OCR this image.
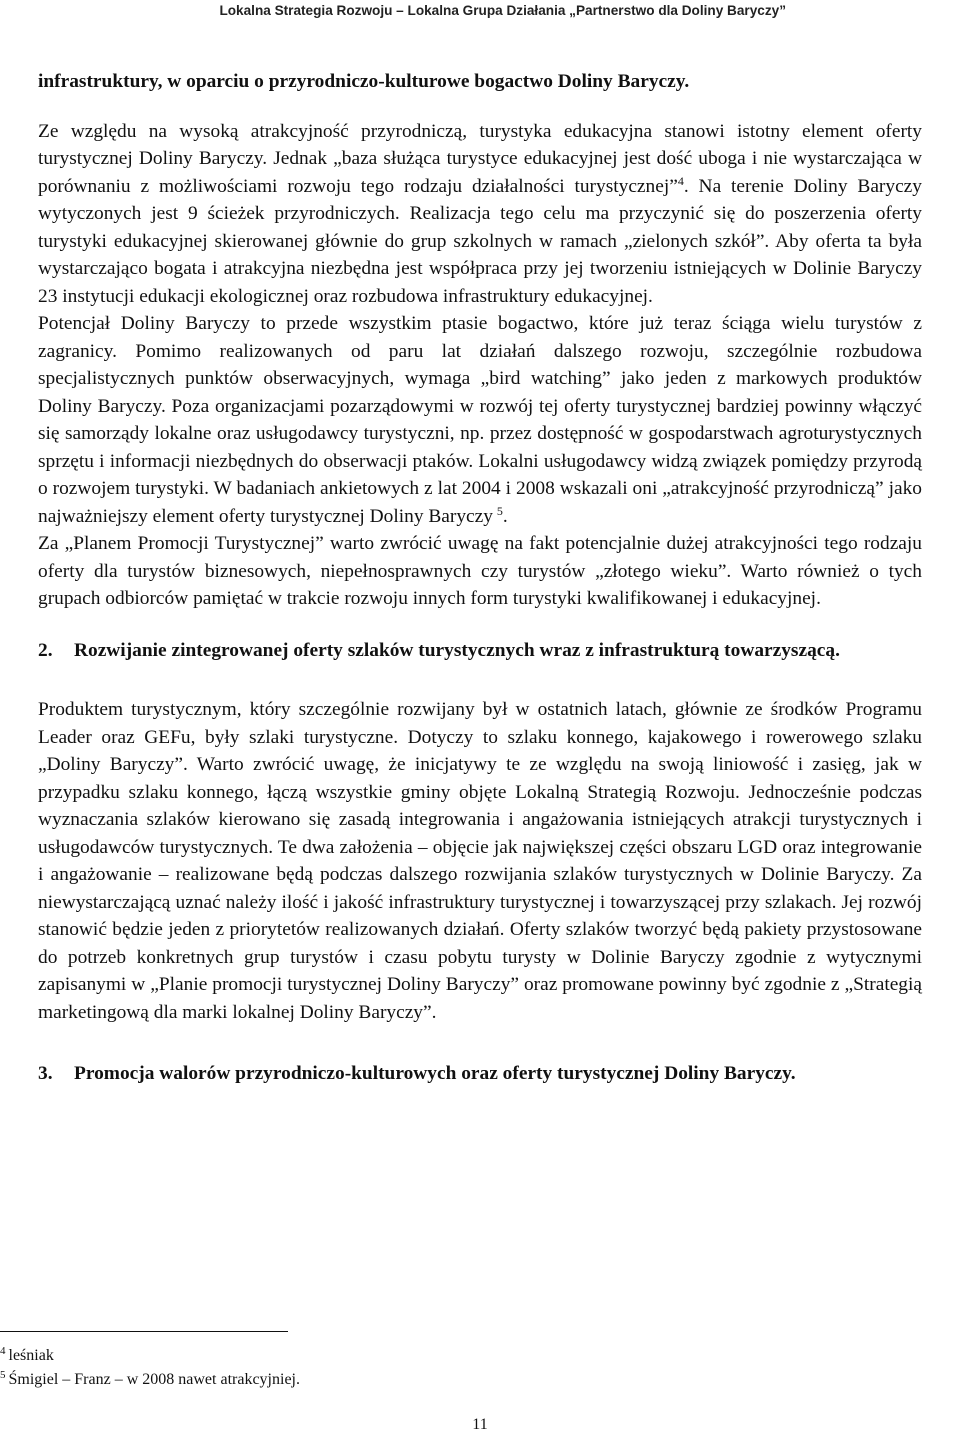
Lokalna Strategia Rozwoju – Lokalna Grupa Działania „Partnerstwo dla Doliny Baryczy”

infrastruktury, w oparciu o przyrodniczo-kulturowe bogactwo Doliny Baryczy.

Ze względu na wysoką atrakcyjność przyrodniczą, turystyka edukacyjna stanowi istotny element oferty turystycznej Doliny Baryczy. Jednak „baza służąca turystyce edukacyjnej jest dość uboga i nie wystarczająca w porównaniu z możliwościami rozwoju tego rodzaju działalności turystycznej”$^4$. Na terenie Doliny Baryczy wytyczonych jest 9 ścieżek przyrodniczych. Realizacja tego celu ma przyczynić się do poszerzenia oferty turystyki edukacyjnej skierowanej głównie do grup szkolnych w ramach „zielonych szkół”. Aby oferta ta była wystarczająco bogata i atrakcyjna niezbędna jest współpraca przy jej tworzeniu istniejących w Dolinie Baryczy 23 instytucji edukacji ekologicznej oraz rozbudowa infrastruktury edukacyjnej.

Potencjał Doliny Baryczy to przede wszystkim ptasie bogactwo, które już teraz ściąga wielu turystów z zagranicy. Pomimo realizowanych od paru lat działań dalszego rozwoju, szczególnie rozbudowa specjalistycznych punktów obserwacyjnych, wymaga „bird watching” jako jeden z markowych produktów Doliny Baryczy. Poza organizacjami pozarządowymi w rozwój tej oferty turystycznej bardziej powinny włączyć się samorządy lokalne oraz usługodawcy turystyczni, np. przez dostępność w gospodarstwach agroturystycznych sprzętu i informacji niezbędnych do obserwacji ptaków. Lokalni usługodawcy widzą związek pomiędzy przyrodą o rozwojem turystyki. W badaniach ankietowych z lat 2004 i 2008 wskazali oni „atrakcyjność przyrodniczą” jako najważniejszy element oferty turystycznej Doliny Baryczy  $^5$.

Za „Planem Promocji Turystycznej” warto zwrócić uwagę na fakt potencjalnie dużej atrakcyjności tego rodzaju oferty dla turystów biznesowych, niepełnosprawnych czy turystów „złotego wieku”. Warto również o tych grupach odbiorców pamiętać w trakcie rozwoju innych form turystyki kwalifikowanej i edukacyjnej.

2.	Rozwijanie zintegrowanej oferty szlaków turystycznych wraz z infrastrukturą towarzyszącą.

Produktem turystycznym, który szczególnie rozwijany był w ostatnich latach, głównie ze środków Programu Leader oraz GEFu, były szlaki turystyczne. Dotyczy to szlaku konnego, kajakowego i rowerowego szlaku „Doliny Baryczy”. Warto zwrócić uwagę, że inicjatywy te ze względu na swoją liniowość i zasięg, jak w przypadku szlaku konnego, łączą wszystkie gminy objęte Lokalną Strategią Rozwoju. Jednocześnie podczas wyznaczania szlaków kierowano się zasadą integrowania i angażowania istniejących atrakcji turystycznych i usługodawców turystycznych. Te dwa założenia – objęcie jak największej części obszaru LGD oraz integrowanie i angażowanie – realizowane będą podczas dalszego rozwijania szlaków turystycznych w Dolinie Baryczy. Za niewystarczającą uznać należy ilość i jakość infrastruktury turystycznej i towarzyszącej przy szlakach. Jej rozwój stanowić będzie jeden z priorytetów realizowanych działań. Oferty szlaków tworzyć będą pakiety przystosowane do potrzeb konkretnych grup turystów i czasu pobytu turysty w Dolinie Baryczy zgodnie z wytycznymi zapisanymi w „Planie promocji turystycznej Doliny Baryczy” oraz promowane powinny być zgodnie z „Strategią marketingową dla marki lokalnej Doliny Baryczy”.

3.	Promocja walorów przyrodniczo-kulturowych oraz oferty turystycznej Doliny Baryczy.
$^4$ leśniak
$^5$ Śmigiel – Franz – w 2008 nawet atrakcyjniej.
11
